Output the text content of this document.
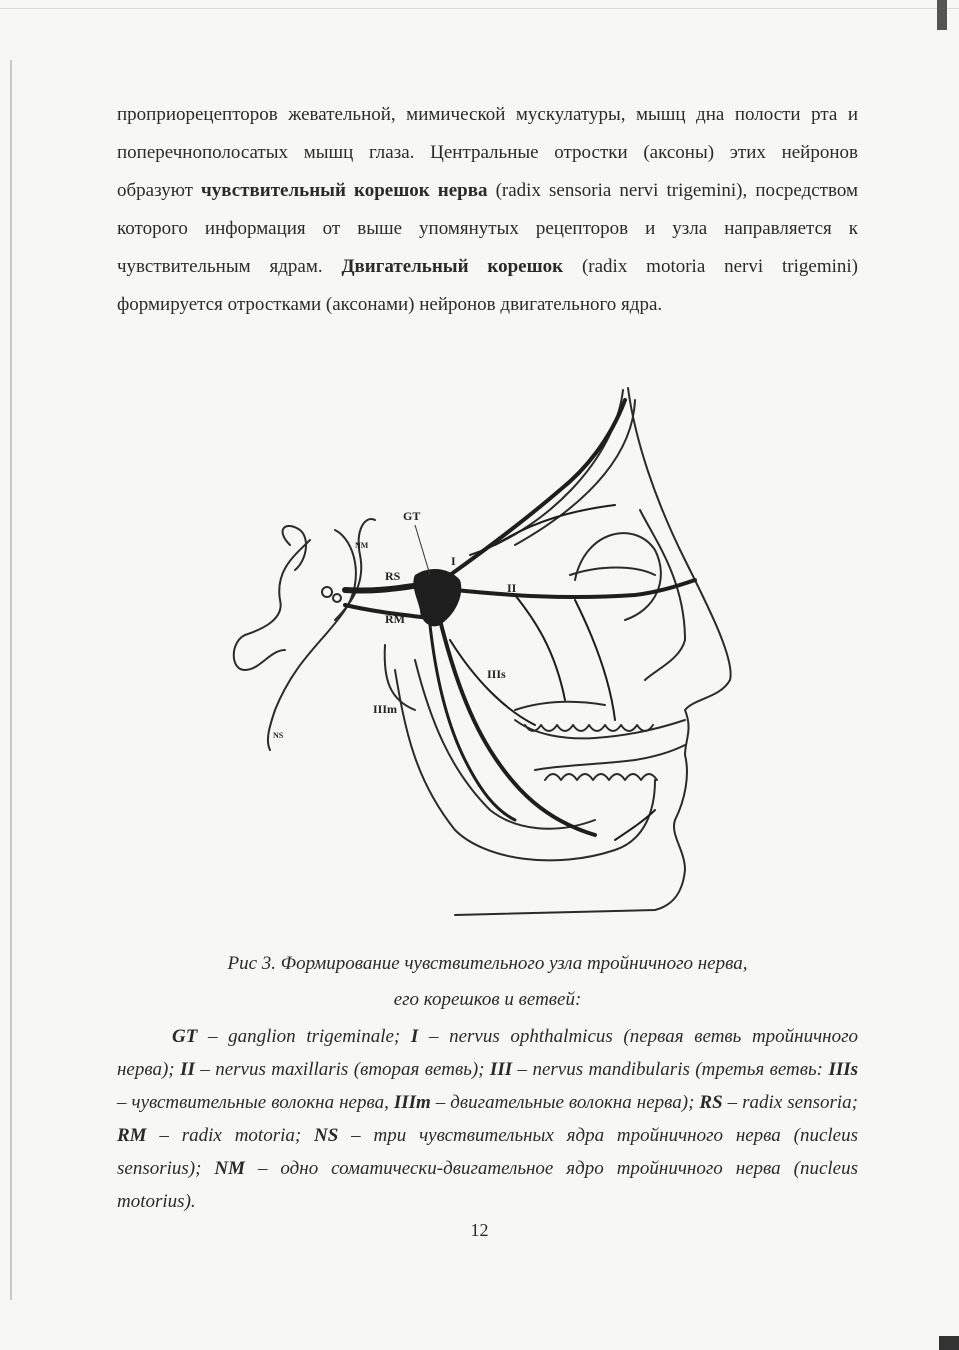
проприорецепторов жевательной, мимической мускулатуры, мышц дна полости рта и поперечнополосатых мышц глаза. Центральные отростки (аксоны) этих нейронов образуют чувствительный корешок нерва (radix sensoria nervi trigemini), посредством которого информация от выше упомянутых рецепторов и узла направляется к чувствительным ядрам. Двигательный корешок (radix motoria nervi trigemini) формируется отростками (аксонами) нейронов двигательного ядра.

GT
NM
RS
RM
I
II
IIIs
IIIm
NS

Рис 3. Формирование чувствительного узла тройничного нерва,
его корешков и ветвей:

GT – ganglion trigeminale; I – nervus ophthalmicus (первая ветвь тройничного нерва); II – nervus maxillaris (вторая ветвь); III – nervus mandibularis (третья ветвь: IIIs – чувствительные волокна нерва, IIIm – двигательные волокна нерва); RS – radix sensoria; RM – radix motoria; NS – три чувствительных ядра тройничного нерва (nucleus sensorius); NM – одно соматически-двигательное ядро тройничного нерва (nucleus motorius).

12
